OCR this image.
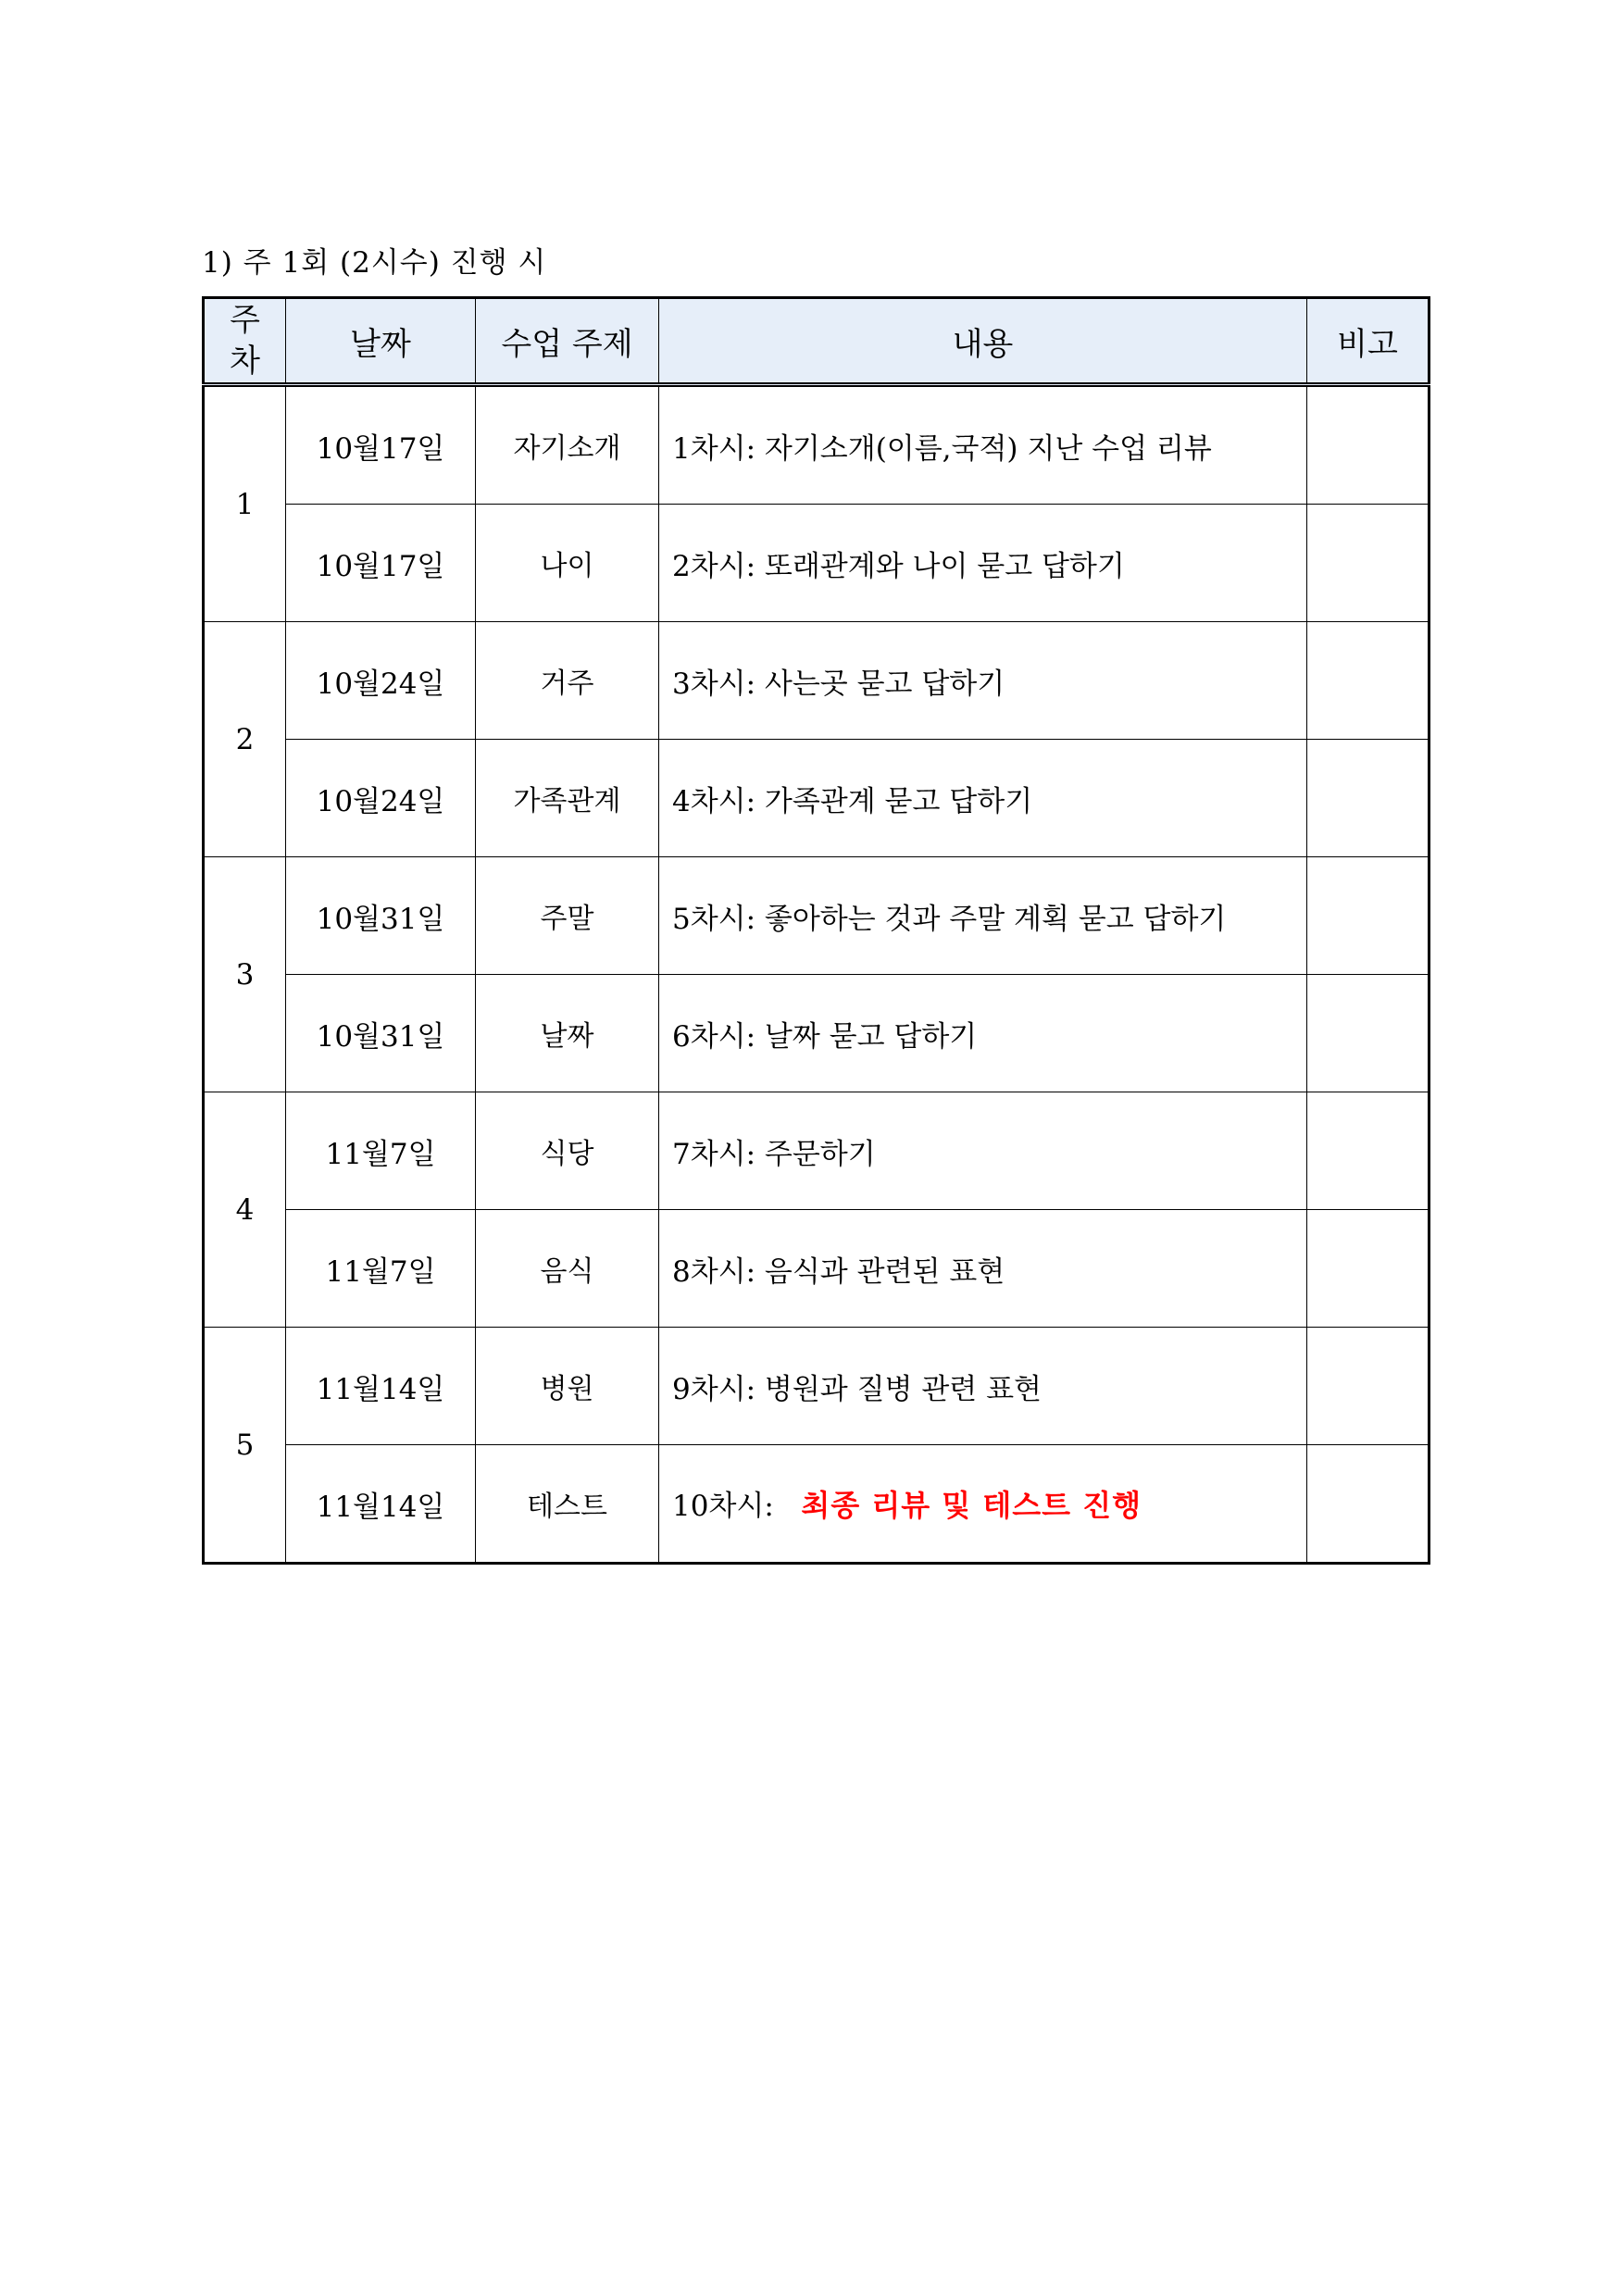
1) 주 1회 (2시수) 진행 시
주
차	날짜	수업 주제	내용	비고
1	10월17일	자기소개	1차시: 자기소개(이름,국적) 지난 수업 리뷰	
	10월17일	나이	2차시: 또래관계와 나이 묻고 답하기	
2	10월24일	거주	3차시: 사는곳 묻고 답하기	
	10월24일	가족관계	4차시: 가족관계 묻고 답하기	
3	10월31일	주말	5차시: 좋아하는 것과 주말 계획 묻고 답하기	
	10월31일	날짜	6차시: 날짜 묻고 답하기	
4	11월7일	식당	7차시: 주문하기	
	11월7일	음식	8차시: 음식과 관련된 표현	
5	11월14일	병원	9차시: 병원과 질병 관련 표현	
	11월14일	테스트	10차시: 최종 리뷰 및 테스트 진행	
